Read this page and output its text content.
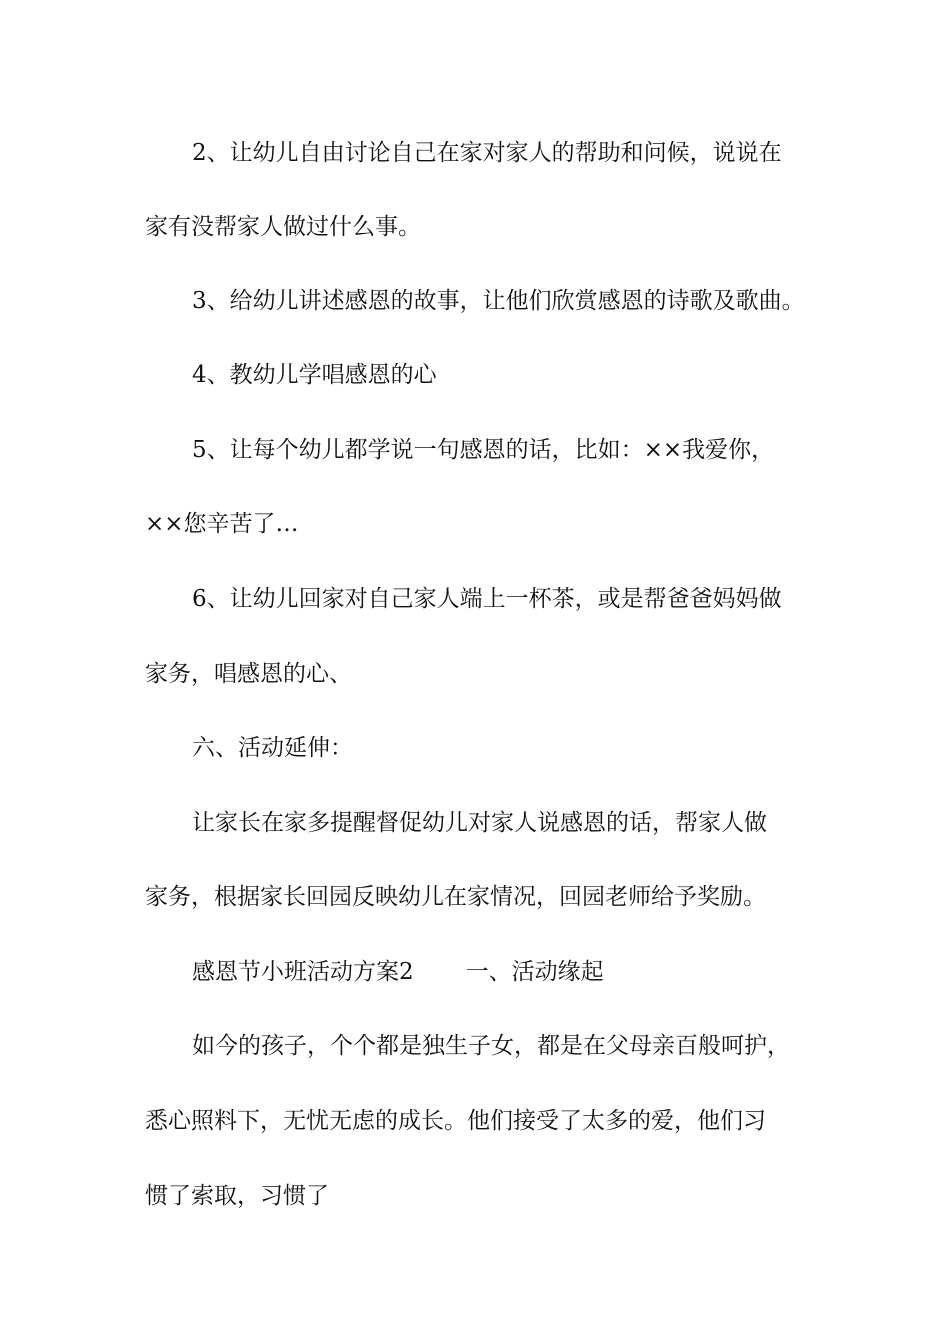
2、让幼儿自由讨论自己在家对家人的帮助和问候，说说在
家有没帮家人做过什么事。
3、给幼儿讲述感恩的故事，让他们欣赏感恩的诗歌及歌曲。
4、教幼儿学唱感恩的心
5、让每个幼儿都学说一句感恩的话，比如：××我爱你，
××您辛苦了…
6、让幼儿回家对自己家人端上一杯茶，或是帮爸爸妈妈做
家务，唱感恩的心、
六、活动延伸：
让家长在家多提醒督促幼儿对家人说感恩的话，帮家人做
家务，根据家长回园反映幼儿在家情况，回园老师给予奖励。
感恩节小班活动方案2 一、活动缘起
如今的孩子，个个都是独生子女，都是在父母亲百般呵护，
悉心照料下，无忧无虑的成长。他们接受了太多的爱，他们习
惯了索取，习惯了
